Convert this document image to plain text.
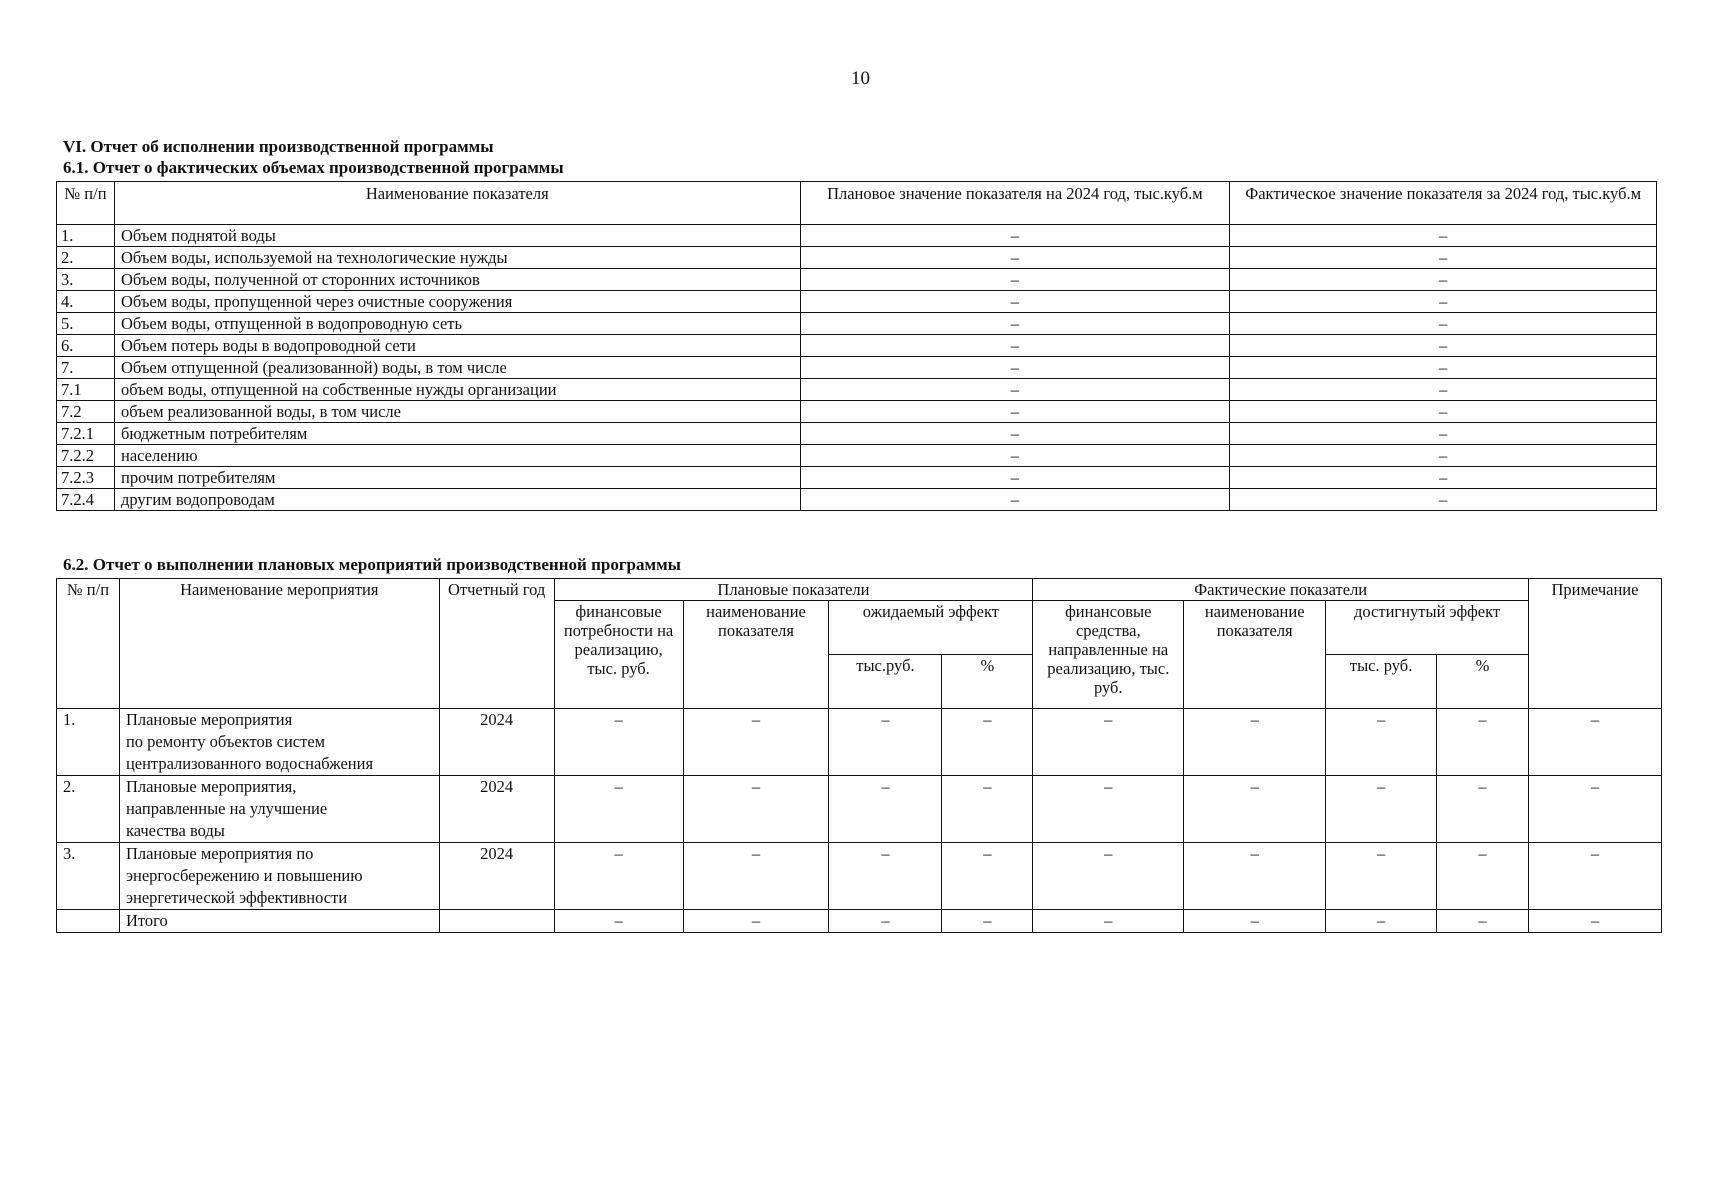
10
VI. Отчет об исполнении производственной программы
6.1. Отчет о фактических объемах производственной программы
№ п/п	Наименование показателя	Плановое значение показателя на 2024 год, тыс.куб.м	Фактическое значение показателя за 2024 год, тыс.куб.м
1.	Объем поднятой воды	–	–
2.	Объем воды, используемой на технологические нужды	–	–
3.	Объем воды, полученной от сторонних источников	–	–
4.	Объем воды, пропущенной через очистные сооружения	–	–
5.	Объем воды, отпущенной в водопроводную сеть	–	–
6.	Объем потерь воды в водопроводной сети	–	–
7.	Объем отпущенной (реализованной) воды, в том числе	–	–
7.1	объем воды, отпущенной на собственные нужды организации	–	–
7.2	объем реализованной воды, в том числе	–	–
7.2.1	бюджетным потребителям	–	–
7.2.2	населению	–	–
7.2.3	прочим потребителям	–	–
7.2.4	другим водопроводам	–	–
6.2. Отчет о выполнении плановых мероприятий производственной программы
№ п/п	Наименование мероприятия	Отчетный год	Плановые показатели				Фактические показатели				Примечание
			финансовые потребности на реализацию, тыс. руб.	наименование показателя	ожидаемый эффект		финансовые средства, направленные на реализацию, тыс. руб.	наименование показателя	достигнутый эффект		
					тыс.руб.	%			тыс. руб.	%	
1.	Плановые мероприятия
по ремонту объектов систем
централизованного водоснабжения	2024	–	–	–	–	–	–	–	–	–
2.	Плановые мероприятия,
направленные на улучшение
качества воды	2024	–	–	–	–	–	–	–	–	–
3.	Плановые мероприятия по
энергосбережению и повышению
энергетической эффективности	2024	–	–	–	–	–	–	–	–	–
	Итого		–	–	–	–	–	–	–	–	–
